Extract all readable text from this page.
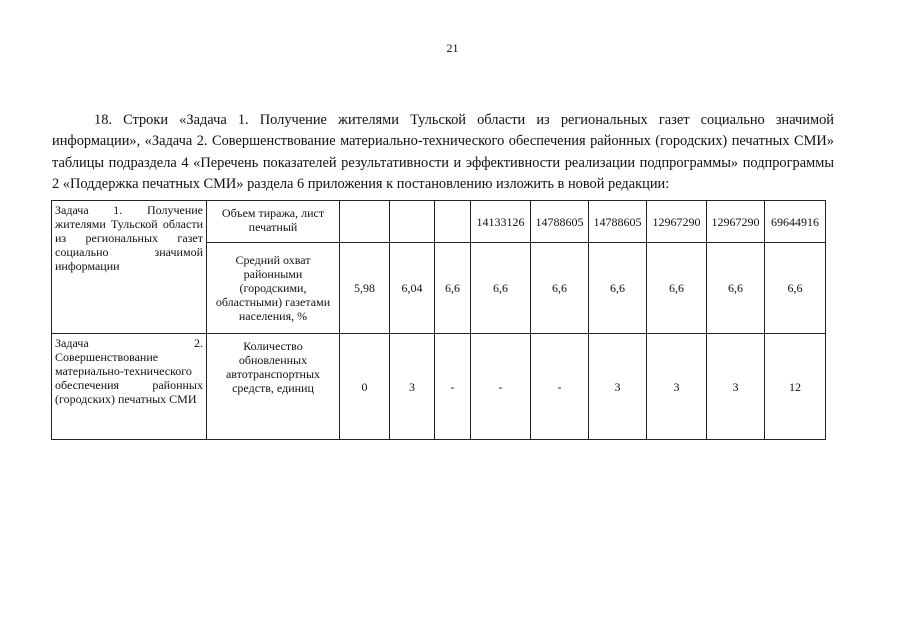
21

18. Строки «Задача 1. Получение жителями Тульской области из региональных газет социально значимой информации», «Задача 2. Совершенствование материально-технического обеспечения районных (городских) печатных СМИ» таблицы подраздела 4 «Перечень показателей результативности и эффективности реализации подпрограммы» подпрограммы 2 «Поддержка печатных СМИ» раздела 6 приложения к постановлению изложить в новой редакции:

Задача 1. Получение жителями Тульской области из региональных газет социально значимой информации	Объем тиража, лист печатный				14133126	14788605	14788605	12967290	12967290	69644916
	Средний охват районными (городскими, областными) газетами населения, %	5,98	6,04	6,6	6,6	6,6	6,6	6,6	6,6	6,6

Задача 2. Совершенствование материально-технического обеспечения районных (городских) печатных СМИ	Количество обновленных автотранспортных средств, единиц	0	3	-	-	-	3	3	3	12
